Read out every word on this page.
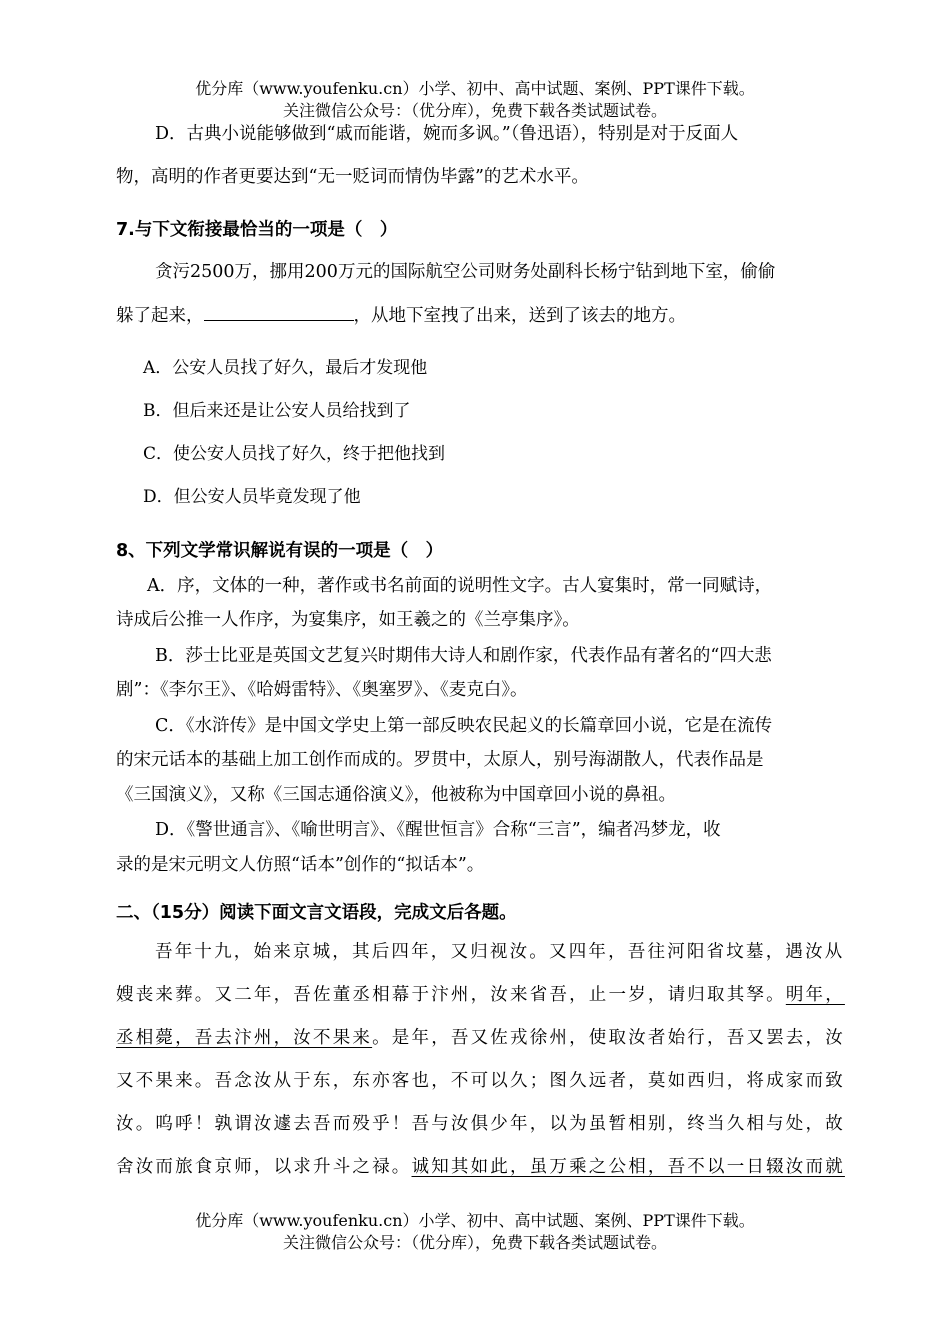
优分库（www.youfenku.cn）小学、初中、高中试题、案例、PPT课件下载。
关注微信公众号：（优分库），免费下载各类试题试卷。
D．古典小说能够做到“戚而能谐，婉而多讽。”（鲁迅语），特别是对于反面人
物，高明的作者更要达到“无一贬词而情伪毕露”的艺术水平。
7.与下文衔接最恰当的一项是（　）
贪污2500万，挪用200万元的国际航空公司财务处副科长杨宁钻到地下室，偷偷
躲了起来，	，从地下室拽了出来，送到了该去的地方。
A．公安人员找了好久，最后才发现他
B．但后来还是让公安人员给找到了
C．使公安人员找了好久，终于把他找到
D．但公安人员毕竟发现了他
8、下列文学常识解说有误的一项是（　）
A．序，文体的一种，著作或书名前面的说明性文字。古人宴集时，常一同赋诗，
诗成后公推一人作序，为宴集序，如王羲之的《兰亭集序》。
B．莎士比亚是英国文艺复兴时期伟大诗人和剧作家，代表作品有著名的“四大悲
剧”：《李尔王》、《哈姆雷特》、《奥塞罗》、《麦克白》。
C．《水浒传》是中国文学史上第一部反映农民起义的长篇章回小说，它是在流传
的宋元话本的基础上加工创作而成的。罗贯中，太原人，别号海湖散人，代表作品是
《三国演义》，又称《三国志通俗演义》，他被称为中国章回小说的鼻祖。
D．《警世通言》、《喻世明言》、《醒世恒言》合称“三言”，编者冯梦龙，收
录的是宋元明文人仿照“话本”创作的“拟话本”。
二、（15分）阅读下面文言文语段，完成文后各题。
吾年十九，始来京城，其后四年，又归视汝。又四年，吾往河阳省坟墓，遇汝从
嫂丧来葬。又二年，吾佐董丞相幕于汴州，汝来省吾，止一岁，请归取其孥。明年，
丞相薨，吾去汴州，汝不果来。是年，吾又佐戎徐州，使取汝者始行，吾又罢去，汝
又不果来。吾念汝从于东，东亦客也，不可以久；图久远者，莫如西归，将成家而致
汝。呜呼！孰谓汝遽去吾而殁乎！吾与汝俱少年，以为虽暂相别，终当久相与处，故
舍汝而旅食京师，以求升斗之禄。诚知其如此，虽万乘之公相，吾不以一日辍汝而就
优分库（www.youfenku.cn）小学、初中、高中试题、案例、PPT课件下载。
关注微信公众号：（优分库），免费下载各类试题试卷。
